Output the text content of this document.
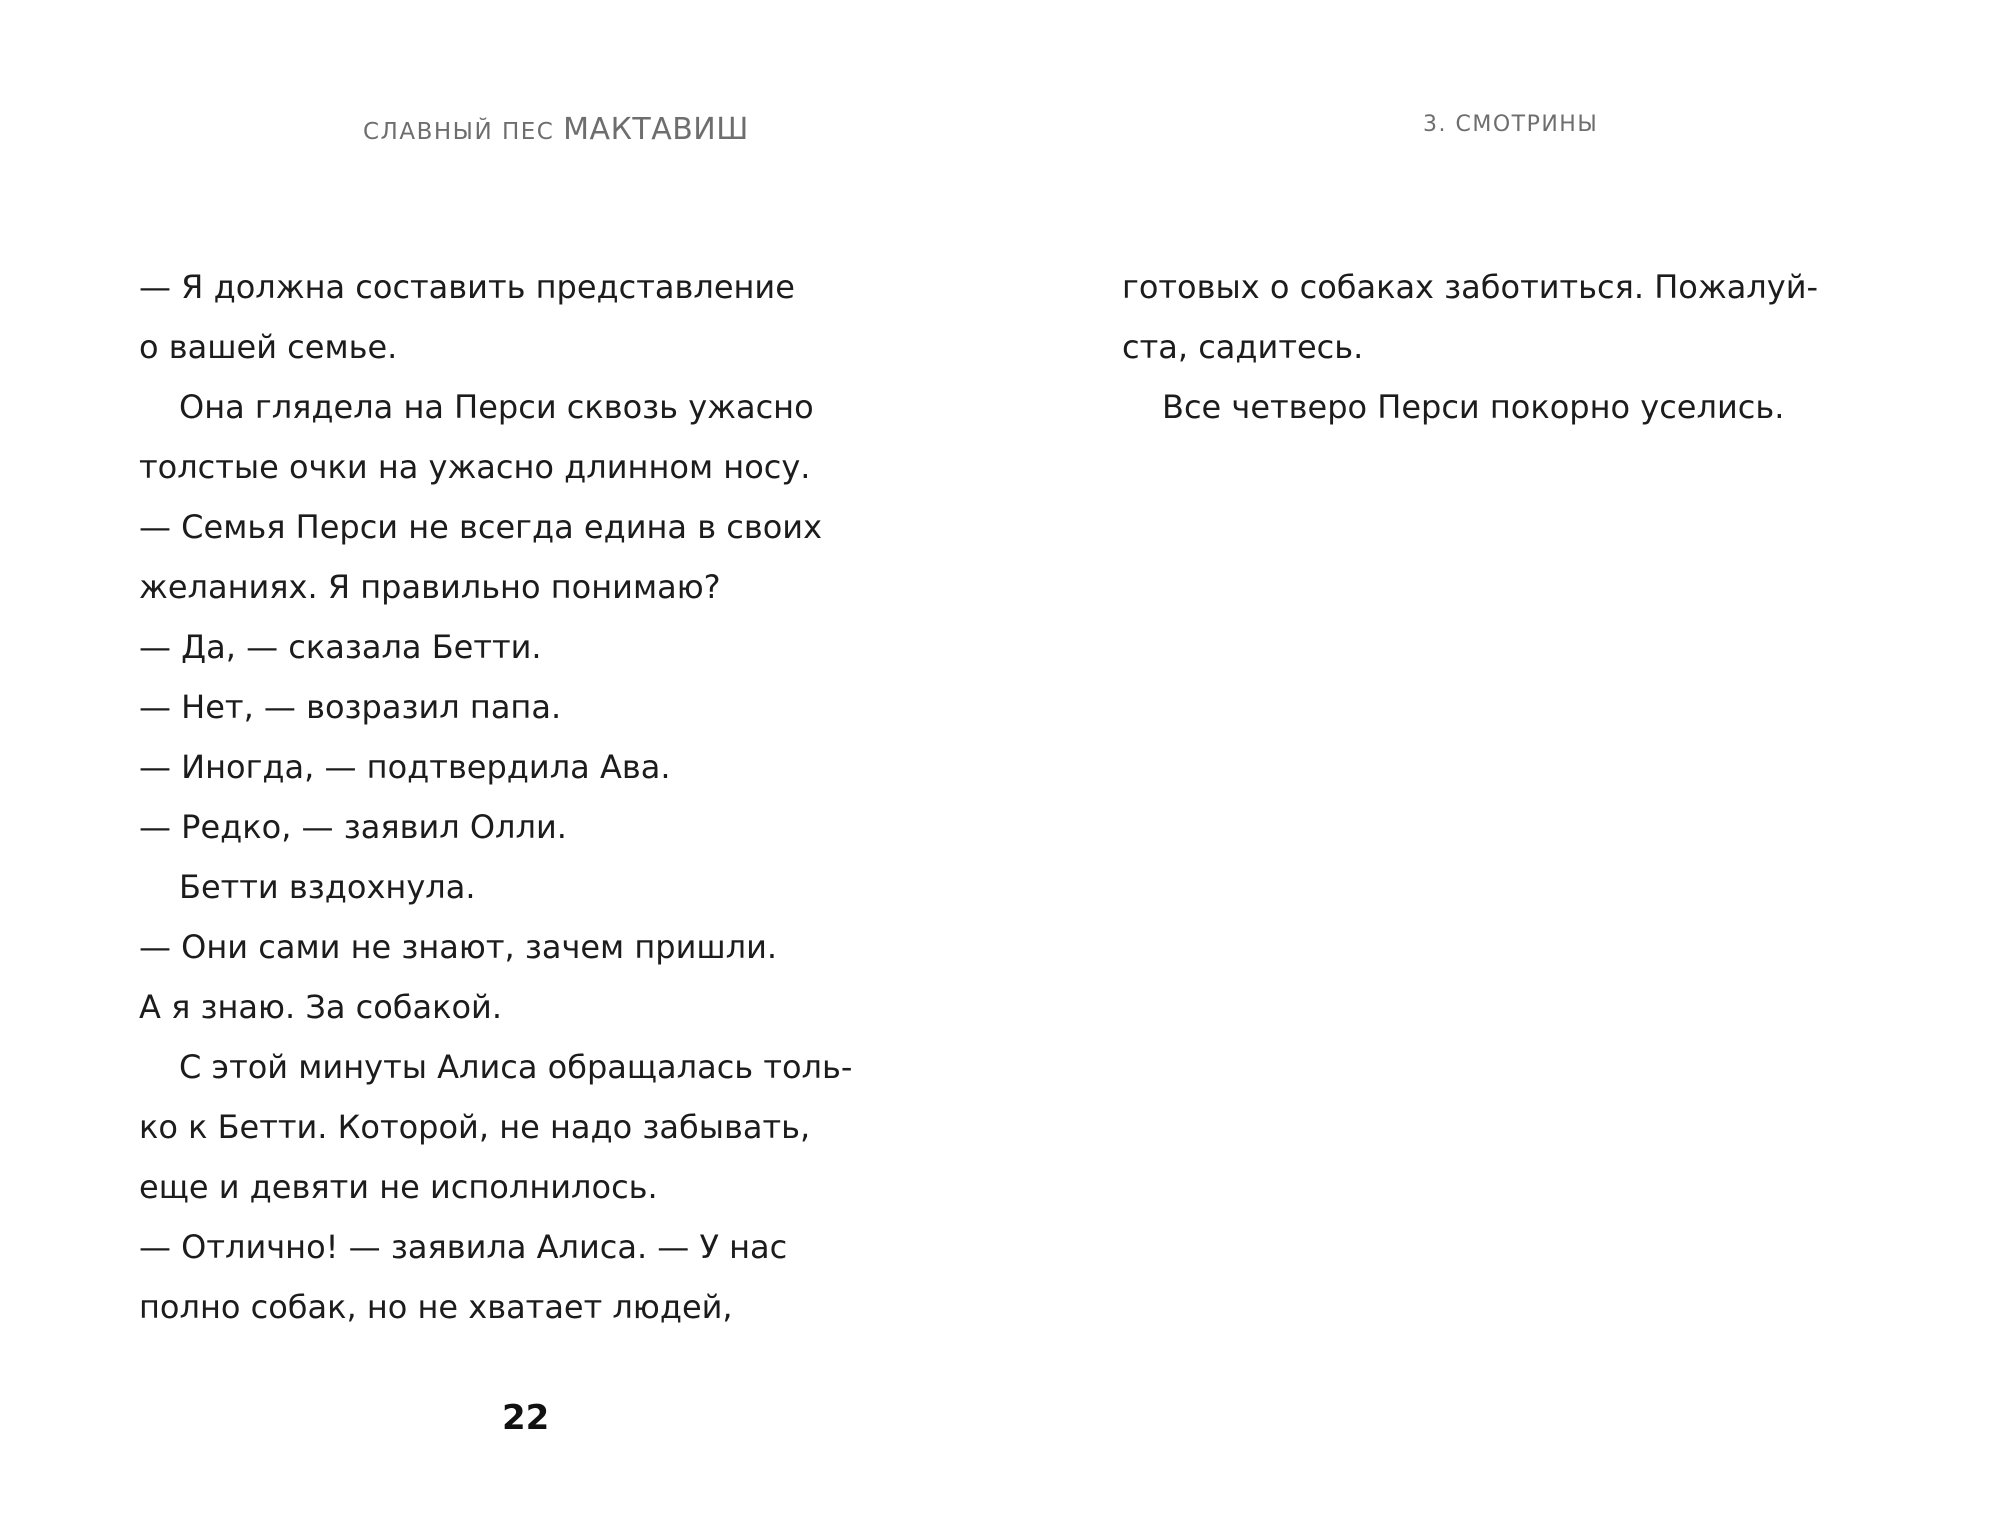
СЛАВНЫЙ ПЕС МАКТАВИШ	3. СМОТРИНЫ
— Я должна составить представление
о вашей семье.
Она глядела на Перси сквозь ужасно
толстые очки на ужасно длинном носу.
— Семья Перси не всегда едина в своих
желаниях. Я правильно понимаю?
— Да, — сказала Бетти.
— Нет, — возразил папа.
— Иногда, — подтвердила Ава.
— Редко, — заявил Олли.
Бетти вздохнула.
— Они сами не знают, зачем пришли.
А я знаю. За собакой.
С этой минуты Алиса обращалась толь-
ко к Бетти. Которой, не надо забывать,
еще и девяти не исполнилось.
— Отлично! — заявила Алиса. — У нас
полно собак, но не хватает людей,
готовых о собаках заботиться. Пожалуй-
ста, садитесь.
Все четверо Перси покорно уселись.
22
